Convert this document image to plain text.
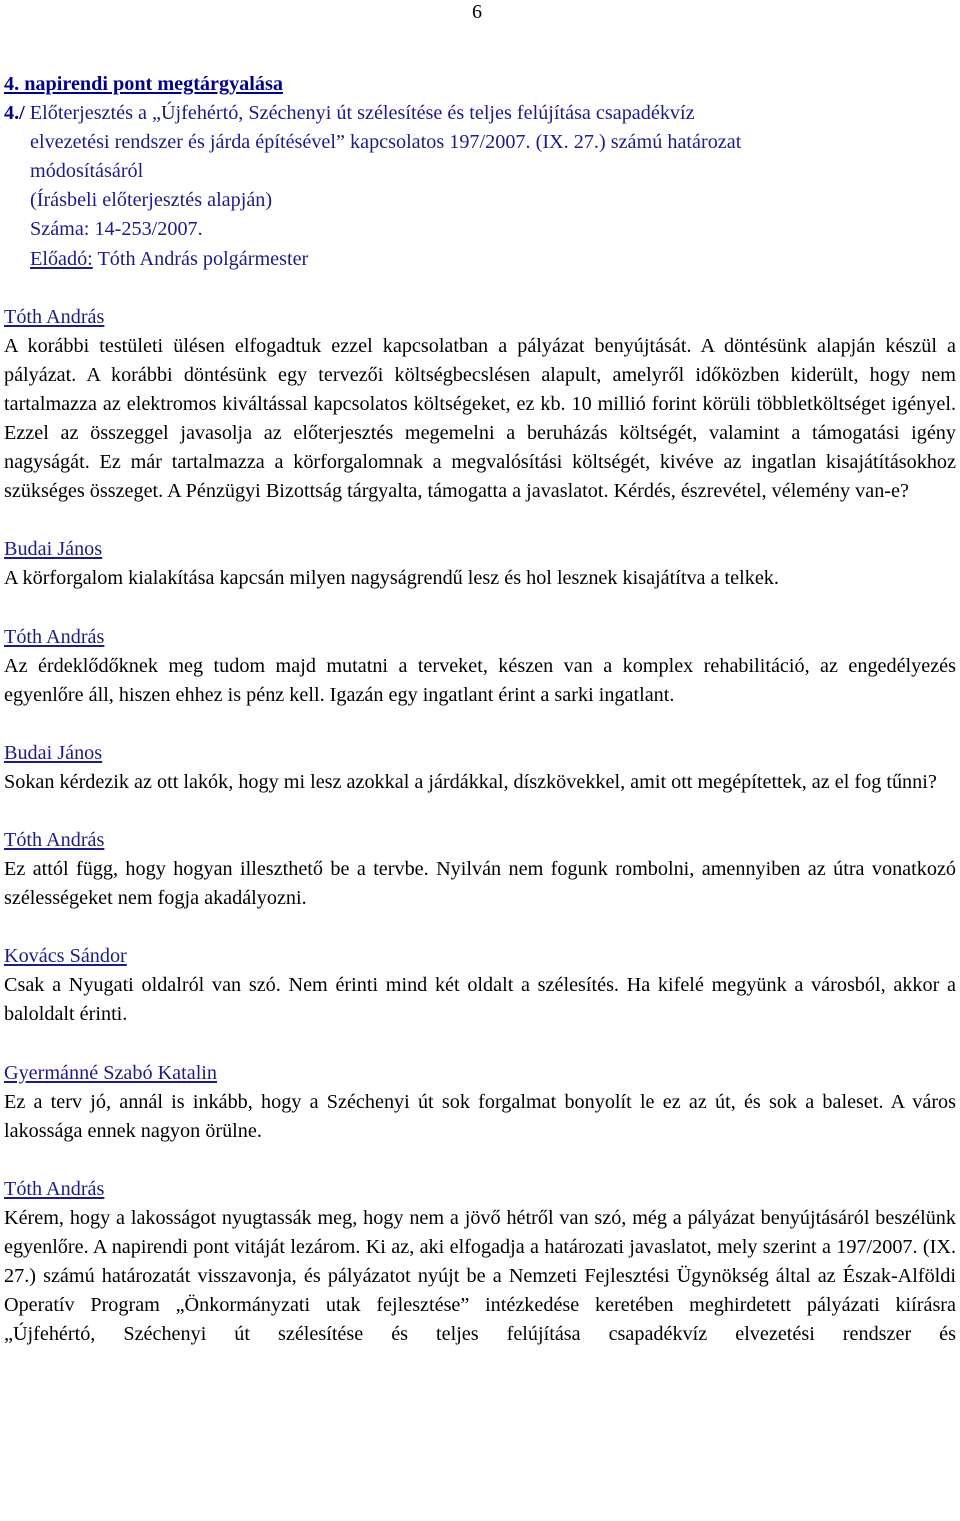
6
4. napirendi pont megtárgyalása
4./ Előterjesztés a „Újfehértó, Széchenyi út szélesítése és teljes felújítása csapadékvíz
elvezetési rendszer és járda építésével” kapcsolatos 197/2007. (IX. 27.) számú határozat
módosításáról
(Írásbeli előterjesztés alapján)
Száma: 14-253/2007.
Előadó: Tóth András polgármester
Tóth András
A korábbi testületi ülésen elfogadtuk ezzel kapcsolatban a pályázat benyújtását. A döntésünk alapján készül a pályázat. A korábbi döntésünk egy tervezői költségbecslésen alapult, amelyről időközben kiderült, hogy nem tartalmazza az elektromos kiváltással kapcsolatos költségeket, ez kb. 10 millió forint körüli többletköltséget igényel. Ezzel az összeggel javasolja az előterjesztés megemelni a beruházás költségét, valamint a támogatási igény nagyságát. Ez már tartalmazza a körforgalomnak a megvalósítási költségét, kivéve az ingatlan kisajátításokhoz szükséges összeget. A Pénzügyi Bizottság tárgyalta, támogatta a javaslatot. Kérdés, észrevétel, vélemény van-e?
Budai János
A körforgalom kialakítása kapcsán milyen nagyságrendű lesz és hol lesznek kisajátítva a telkek.
Tóth András
Az érdeklődőknek meg tudom majd mutatni a terveket, készen van a komplex rehabilitáció, az engedélyezés egyenlőre áll, hiszen ehhez is pénz kell. Igazán egy ingatlant érint a sarki ingatlant.
Budai János
Sokan kérdezik az ott lakók, hogy mi lesz azokkal a járdákkal, díszkövekkel, amit ott megépítettek, az el fog tűnni?
Tóth András
Ez attól függ, hogy hogyan illeszthető be a tervbe. Nyilván nem fogunk rombolni, amennyiben az útra vonatkozó szélességeket nem fogja akadályozni.
Kovács Sándor
Csak a Nyugati oldalról van szó. Nem érinti mind két oldalt a szélesítés. Ha kifelé megyünk a városból, akkor a baloldalt érinti.
Gyermánné Szabó Katalin
Ez a terv jó, annál is inkább, hogy a Széchenyi út sok forgalmat bonyolít le ez az út, és sok a baleset. A város lakossága ennek nagyon örülne.
Tóth András
Kérem, hogy a lakosságot nyugtassák meg, hogy nem a jövő hétről van szó, még a pályázat benyújtásáról beszélünk egyenlőre. A napirendi pont vitáját lezárom. Ki az, aki elfogadja a határozati javaslatot, mely szerint a 197/2007. (IX. 27.) számú határozatát visszavonja, és pályázatot nyújt be a Nemzeti Fejlesztési Ügynökség által az Észak-Alföldi Operatív Program „Önkormányzati utak fejlesztése” intézkedése keretében meghirdetett pályázati kiírásra „Újfehértó, Széchenyi út szélesítése és teljes felújítása csapadékvíz elvezetési rendszer és
